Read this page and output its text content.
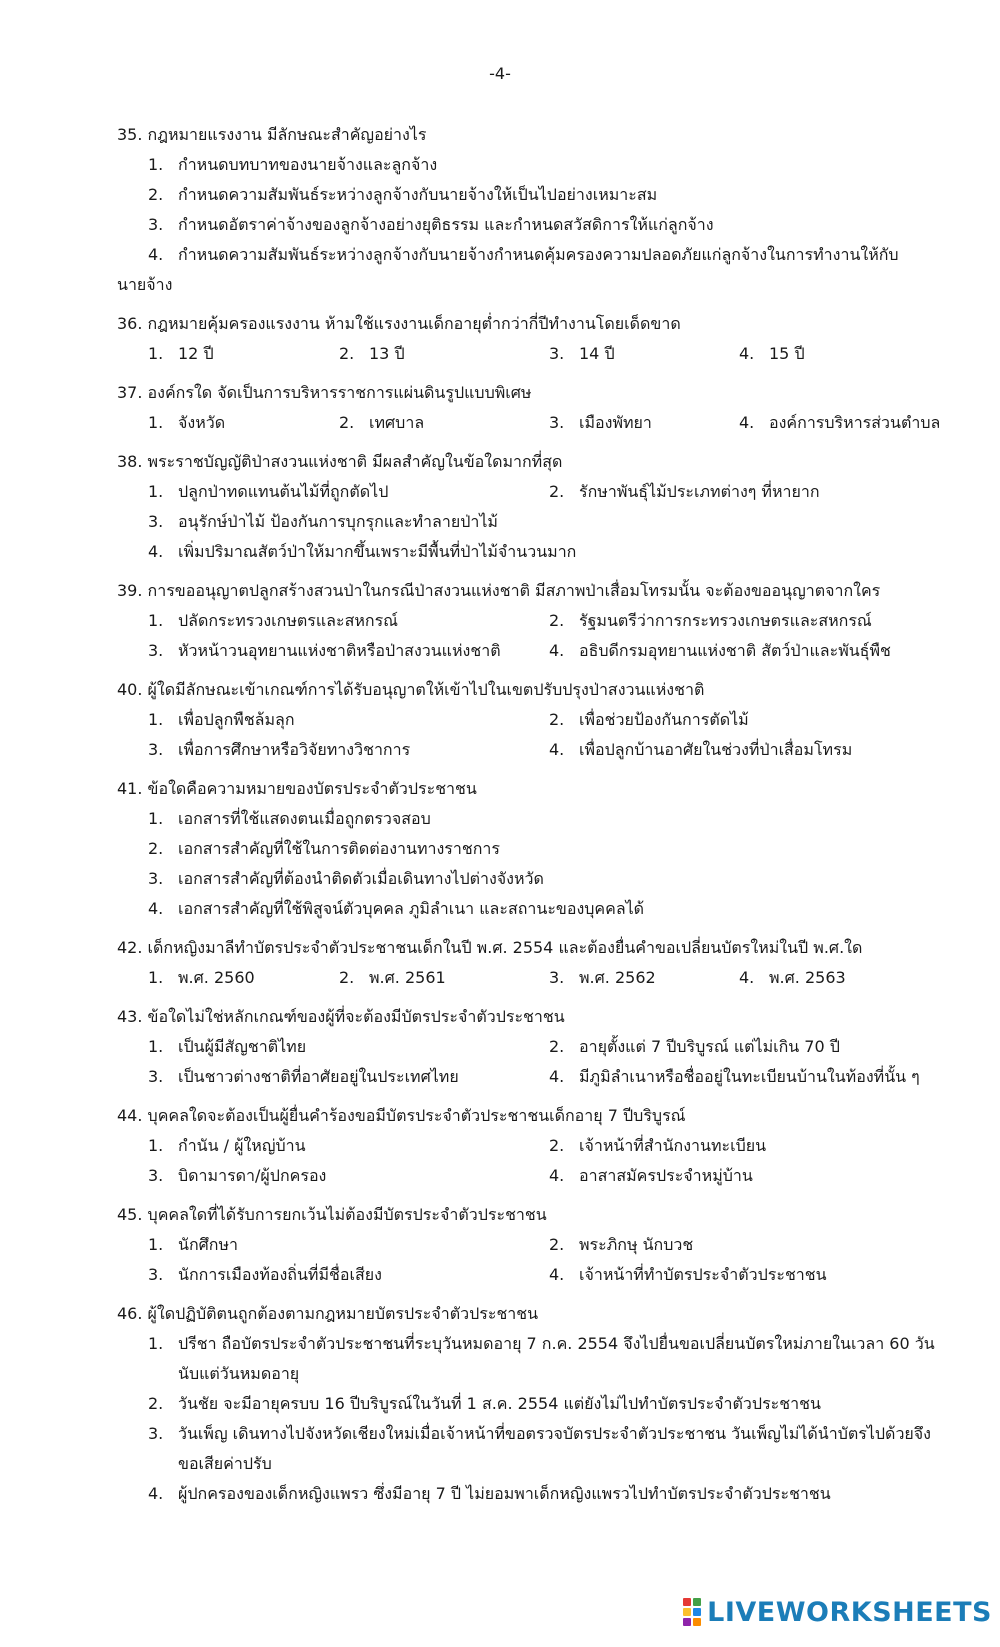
-4-
35. กฎหมายแรงงาน มีลักษณะสำคัญอย่างไร
1. กำหนดบทบาทของนายจ้างและลูกจ้าง
2. กำหนดความสัมพันธ์ระหว่างลูกจ้างกับนายจ้างให้เป็นไปอย่างเหมาะสม
3. กำหนดอัตราค่าจ้างของลูกจ้างอย่างยุติธรรม และกำหนดสวัสดิการให้แก่ลูกจ้าง
4. กำหนดความสัมพันธ์ระหว่างลูกจ้างกับนายจ้างกำหนดคุ้มครองความปลอดภัยแก่ลูกจ้างในการทำงานให้กับนายจ้าง
36. กฎหมายคุ้มครองแรงงาน ห้ามใช้แรงงานเด็กอายุต่ำกว่ากี่ปีทำงานโดยเด็ดขาด
1. 12 ปี	2. 13 ปี	3. 14 ปี	4. 15 ปี
37. องค์กรใด จัดเป็นการบริหารราชการแผ่นดินรูปแบบพิเศษ
1. จังหวัด	2. เทศบาล	3. เมืองพัทยา	4. องค์การบริหารส่วนตำบล
38. พระราชบัญญัติป่าสงวนแห่งชาติ มีผลสำคัญในข้อใดมากที่สุด
1. ปลูกป่าทดแทนต้นไม้ที่ถูกตัดไป	2. รักษาพันธุ์ไม้ประเภทต่างๆ ที่หายาก
3. อนุรักษ์ป่าไม้ ป้องกันการบุกรุกและทำลายป่าไม้
4. เพิ่มปริมาณสัตว์ป่าให้มากขึ้นเพราะมีพื้นที่ป่าไม้จำนวนมาก
39. การขออนุญาตปลูกสร้างสวนป่าในกรณีป่าสงวนแห่งชาติ มีสภาพป่าเสื่อมโทรมนั้น จะต้องขออนุญาตจากใคร
1. ปลัดกระทรวงเกษตรและสหกรณ์	2. รัฐมนตรีว่าการกระทรวงเกษตรและสหกรณ์
3. หัวหน้าวนอุทยานแห่งชาติหรือป่าสงวนแห่งชาติ	4. อธิบดีกรมอุทยานแห่งชาติ สัตว์ป่าและพันธุ์พืช
40. ผู้ใดมีลักษณะเข้าเกณฑ์การได้รับอนุญาตให้เข้าไปในเขตปรับปรุงป่าสงวนแห่งชาติ
1. เพื่อปลูกพืชล้มลุก	2. เพื่อช่วยป้องกันการตัดไม้
3. เพื่อการศึกษาหรือวิจัยทางวิชาการ	4. เพื่อปลูกบ้านอาศัยในช่วงที่ป่าเสื่อมโทรม
41. ข้อใดคือความหมายของบัตรประจำตัวประชาชน
1. เอกสารที่ใช้แสดงตนเมื่อถูกตรวจสอบ
2. เอกสารสำคัญที่ใช้ในการติดต่องานทางราชการ
3. เอกสารสำคัญที่ต้องนำติดตัวเมื่อเดินทางไปต่างจังหวัด
4. เอกสารสำคัญที่ใช้พิสูจน์ตัวบุคคล ภูมิลำเนา และสถานะของบุคคลได้
42. เด็กหญิงมาลีทำบัตรประจำตัวประชาชนเด็กในปี พ.ศ. 2554 และต้องยื่นคำขอเปลี่ยนบัตรใหม่ในปี พ.ศ.ใด
1. พ.ศ. 2560	2. พ.ศ. 2561	3. พ.ศ. 2562	4. พ.ศ. 2563
43. ข้อใดไม่ใช่หลักเกณฑ์ของผู้ที่จะต้องมีบัตรประจำตัวประชาชน
1. เป็นผู้มีสัญชาติไทย	2. อายุตั้งแต่ 7 ปีบริบูรณ์ แต่ไม่เกิน 70 ปี
3. เป็นชาวต่างชาติที่อาศัยอยู่ในประเทศไทย	4. มีภูมิลำเนาหรือชื่ออยู่ในทะเบียนบ้านในท้องที่นั้น ๆ
44. บุคคลใดจะต้องเป็นผู้ยื่นคำร้องขอมีบัตรประจำตัวประชาชนเด็กอายุ 7 ปีบริบูรณ์
1. กำนัน / ผู้ใหญ่บ้าน	2. เจ้าหน้าที่สำนักงานทะเบียน
3. บิดามารดา/ผู้ปกครอง	4. อาสาสมัครประจำหมู่บ้าน
45. บุคคลใดที่ได้รับการยกเว้นไม่ต้องมีบัตรประจำตัวประชาชน
1. นักศึกษา	2. พระภิกษุ นักบวช
3. นักการเมืองท้องถิ่นที่มีชื่อเสียง	4. เจ้าหน้าที่ทำบัตรประจำตัวประชาชน
46. ผู้ใดปฏิบัติตนถูกต้องตามกฎหมายบัตรประจำตัวประชาชน
1. ปรีชา ถือบัตรประจำตัวประชาชนที่ระบุวันหมดอายุ 7 ก.ค. 2554 จึงไปยื่นขอเปลี่ยนบัตรใหม่ภายในเวลา 60 วันนับแต่วันหมดอายุ
2. วันชัย จะมีอายุครบบ 16 ปีบริบูรณ์ในวันที่ 1 ส.ค. 2554 แต่ยังไม่ไปทำบัตรประจำตัวประชาชน
3. วันเพ็ญ เดินทางไปจังหวัดเชียงใหม่เมื่อเจ้าหน้าที่ขอตรวจบัตรประจำตัวประชาชน วันเพ็ญไม่ได้นำบัตรไปด้วยจึงขอเสียค่าปรับ
4. ผู้ปกครองของเด็กหญิงแพรว ซึ่งมีอายุ 7 ปี ไม่ยอมพาเด็กหญิงแพรวไปทำบัตรประจำตัวประชาชน
LIVEWORKSHEETS
